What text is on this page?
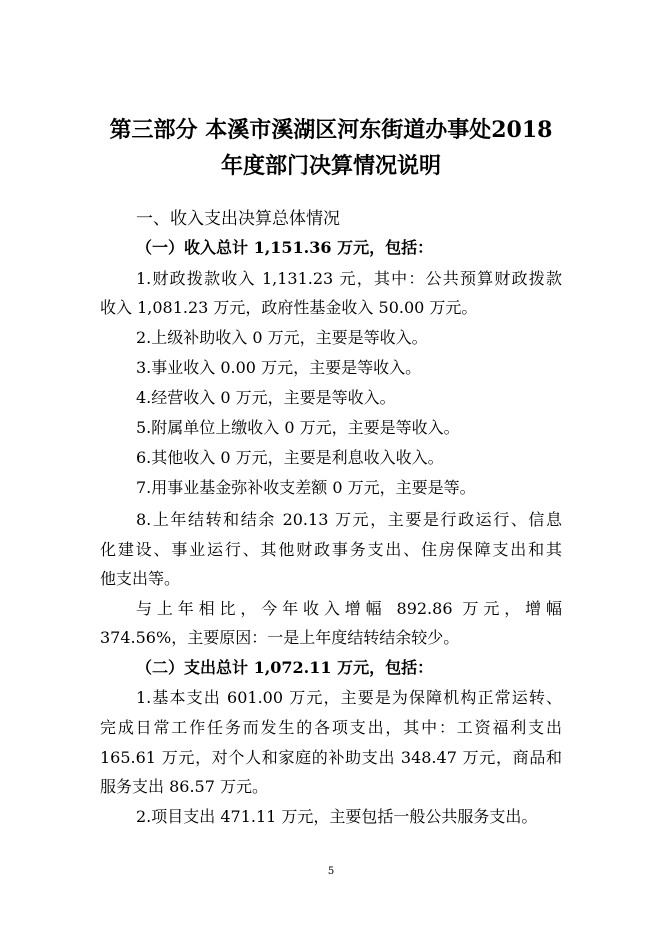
第三部分 本溪市溪湖区河东街道办事处2018年度部门决算情况说明
一、收入支出决算总体情况
（一）收入总计 1,151.36 万元，包括：
1.财政拨款收入 1,131.23 元，其中：公共预算财政拨款
收入 1,081.23 万元，政府性基金收入 50.00 万元。
2.上级补助收入 0 万元，主要是等收入。
3.事业收入 0.00 万元，主要是等收入。
4.经营收入 0 万元，主要是等收入。
5.附属单位上缴收入 0 万元，主要是等收入。
6.其他收入 0 万元，主要是利息收入收入。
7.用事业基金弥补收支差额 0 万元，主要是等。
8.上年结转和结余 20.13 万元，主要是行政运行、信息
化建设、事业运行、其他财政事务支出、住房保障支出和其
他支出等。
与上年相比，今年收入增幅 892.86 万元，增幅
374.56%，主要原因：一是上年度结转结余较少。
（二）支出总计 1,072.11 万元，包括：
1.基本支出 601.00 万元，主要是为保障机构正常运转、
完成日常工作任务而发生的各项支出，其中：工资福利支出
165.61 万元，对个人和家庭的补助支出 348.47 万元，商品和
服务支出 86.57 万元。
2.项目支出 471.11 万元，主要包括一般公共服务支出。
5
